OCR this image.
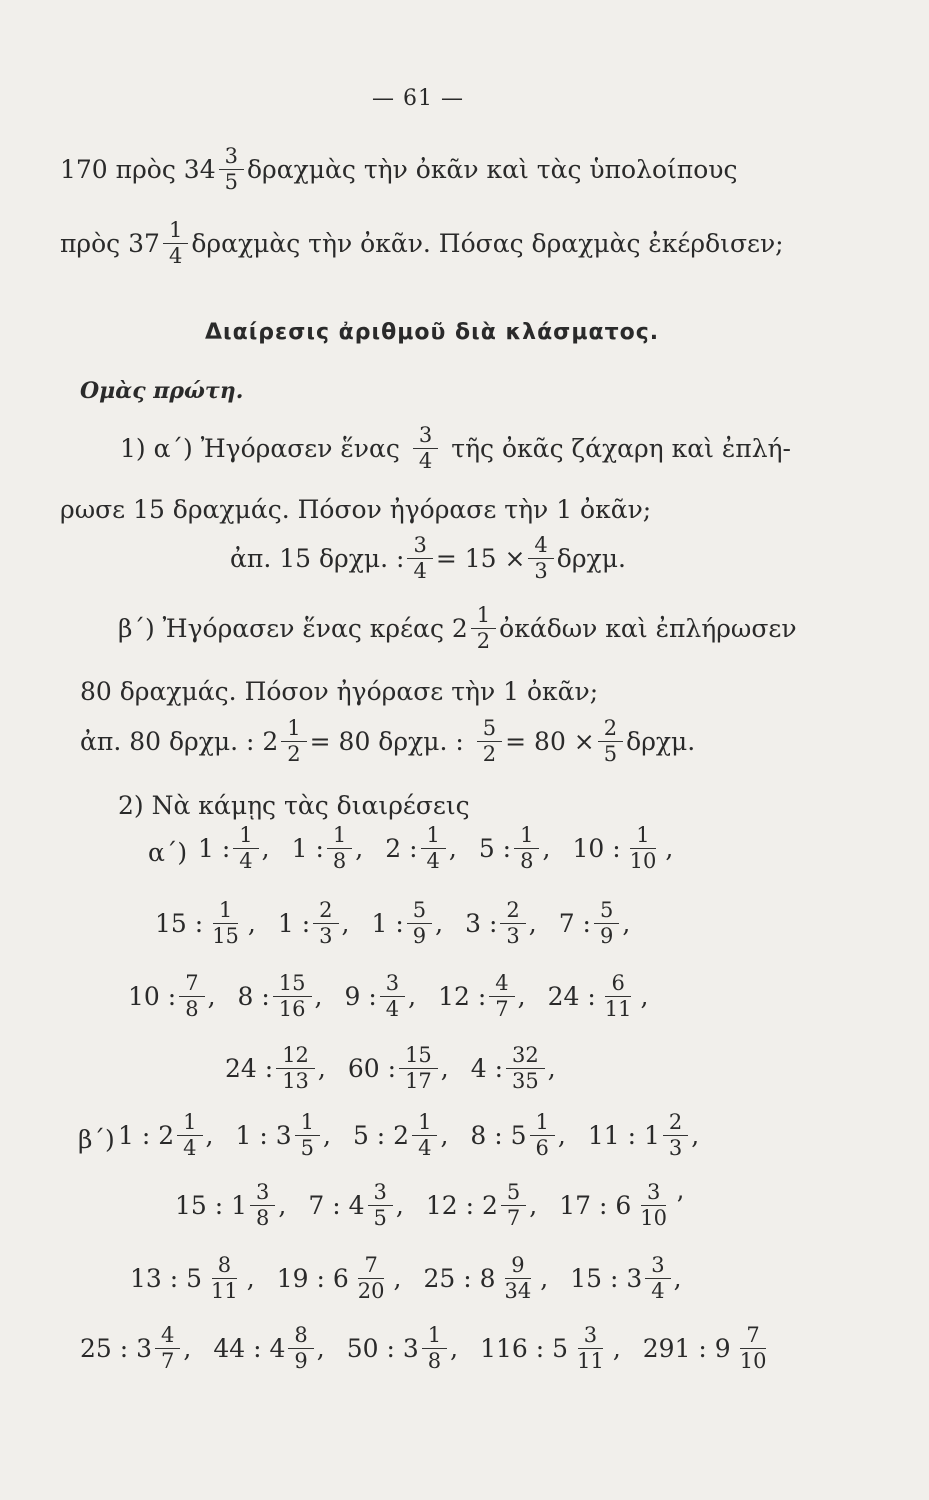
— 61 —
170 πρὸς $34 \frac{3}{5}$ δραχμὰς τὴν ὀκᾶν καὶ τὰς ὑπολοίπους
πρὸς $37 \frac{1}{4}$ δραχμὰς τὴν ὀκᾶν. Πόσας δραχμὰς ἐκέρδισεν;
Διαίρεσις ἀριθμοῦ διὰ κλάσματος.
Ομὰς πρώτη.
1) α΄) Ἠγόρασεν ἕνας $\frac{3}{4}$ τῆς ὀκᾶς ζάχαρη καὶ ἐπλή-
ρωσε 15 δραχμάς. Πόσον ἠγόρασε τὴν 1 ὀκᾶν;
ἀπ. 15 δρχμ. : $\frac{3}{4} = 15 \times \frac{4}{3} \delta\rho\chi\mu$.
β΄) Ἠγόρασεν ἕνας κρέας $2 \frac{1}{2}$ ὀκάδων καὶ ἐπλήρωσεν
80 δραχμάς. Πόσον ἠγόρασε τὴν 1 ὀκᾶν;
ἀπ. 80 δρχμ. : $2 \frac{1}{2} = 80$ δρχμ. : $\frac{5}{2} = 80 \times \frac{2}{5} \delta\rho\chi\mu$.
2) Νὰ κάμῃς τὰς διαιρέσεις
α΄) 1 : $\frac{1}{4}$ , 1 : $\frac{1}{8}$ , 2 : $\frac{1}{4}$ , 5 : $\frac{1}{8}$ , 10 : $\frac{1}{10}$ ,
15 : $\frac{1}{15}$ , 1 : $\frac{2}{3}$ , 1 : $\frac{5}{9}$ , 3 : $\frac{2}{3}$ , 7 : $\frac{5}{9}$ ,
10 : $\frac{7}{8}$ , 8 : $\frac{15}{16}$ , 9 : $\frac{3}{4}$ , 12 : $\frac{4}{7}$ , 24 : $\frac{6}{11}$ ,
24 : $\frac{12}{13}$ , 60 : $\frac{15}{17}$ , 4 : $\frac{32}{35}$ ,
β΄) 1 : $2 \frac{1}{4}$ , 1 : $3 \frac{1}{5}$ , 5 : $2 \frac{1}{4}$ , 8 : $5 \frac{1}{6}$ , 11 : $1 \frac{2}{3}$ ,
15 : $1 \frac{3}{8}$ , 7 : $4 \frac{3}{5}$ , 12 : $2 \frac{5}{7}$ , 17 : $6 \frac{3}{10}$ ’
13 : $5 \frac{8}{11}$ , 19 : $6 \frac{7}{20}$ , 25 : $8 \frac{9}{34}$ , 15 : $3 \frac{3}{4}$ ,
25 : $3 \frac{4}{7}$ , 44 : $4 \frac{8}{9}$ , 50 : $3 \frac{1}{8}$ , 116 : $5 \frac{3}{11}$ , 291 : $9 \frac{7}{10}$
